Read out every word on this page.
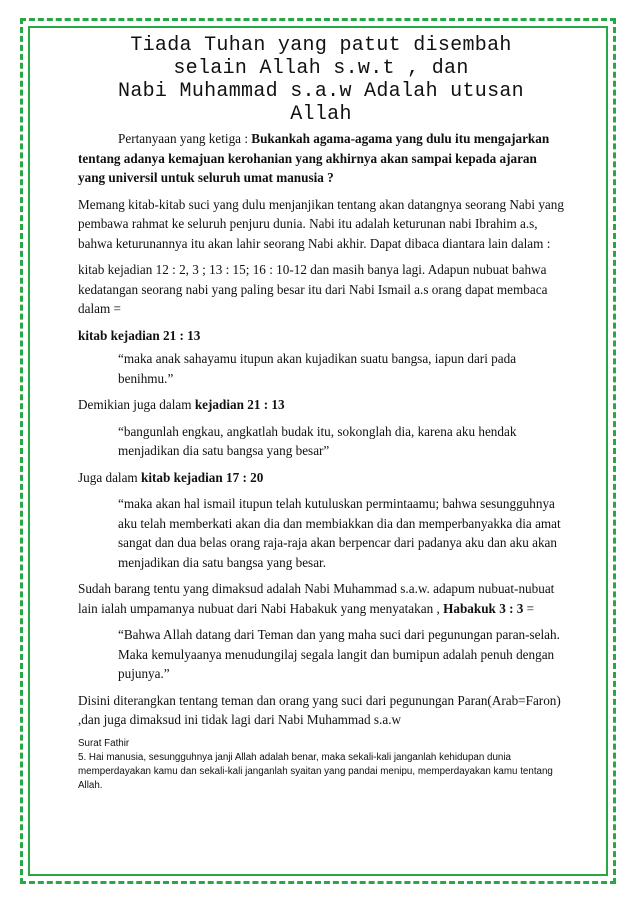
Tiada Tuhan yang patut disembah
selain Allah s.w.t , dan
Nabi Muhammad s.a.w Adalah utusan
Allah

Pertanyaan yang ketiga : Bukankah agama-agama yang dulu itu mengajarkan tentang adanya kemajuan kerohanian yang akhirnya akan sampai kepada ajaran yang universil untuk seluruh umat manusia ?

Memang kitab-kitab suci yang dulu menjanjikan tentang akan datangnya seorang Nabi yang pembawa rahmat ke seluruh penjuru dunia. Nabi itu adalah keturunan nabi Ibrahim a.s, bahwa keturunannya itu akan lahir seorang Nabi akhir. Dapat dibaca diantara lain dalam :

kitab kejadian 12 : 2, 3 ; 13 : 15; 16 : 10-12 dan masih banya lagi. Adapun nubuat bahwa kedatangan seorang nabi yang paling besar itu dari Nabi Ismail a.s orang dapat membaca dalam =

kitab kejadian 21 : 13

“maka anak sahayamu itupun akan kujadikan suatu bangsa, iapun dari pada benihmu.”

Demikian juga dalam kejadian 21 : 13

“bangunlah engkau, angkatlah budak itu, sokonglah dia, karena aku hendak menjadikan dia satu bangsa yang besar”

Juga dalam kitab kejadian 17 : 20

“maka akan hal ismail itupun telah kutuluskan permintaamu; bahwa sesungguhnya aku telah memberkati akan dia dan membiakkan dia dan memperbanyakka dia amat sangat dan dua belas orang raja-raja akan berpencar dari padanya aku dan aku akan menjadikan dia satu bangsa yang besar.

Sudah barang tentu yang dimaksud adalah Nabi Muhammad s.a.w. adapum nubuat-nubuat lain ialah umpamanya nubuat dari Nabi Habakuk yang menyatakan , Habakuk 3 : 3 =

“Bahwa Allah datang dari Teman dan yang maha suci dari pegunungan paran-selah. Maka kemulyaanya menudungilaj segala langit dan bumipun adalah penuh dengan pujunya.”

Disini diterangkan tentang teman dan orang yang suci dari pegunungan Paran(Arab=Faron) ,dan juga dimaksud ini tidak lagi dari Nabi Muhammad s.a.w

Surat Fathir
5. Hai manusia, sesungguhnya janji Allah adalah benar, maka sekali-kali janganlah kehidupan dunia memperdayakan kamu dan sekali-kali janganlah syaitan yang pandai menipu, memperdayakan kamu tentang Allah.
